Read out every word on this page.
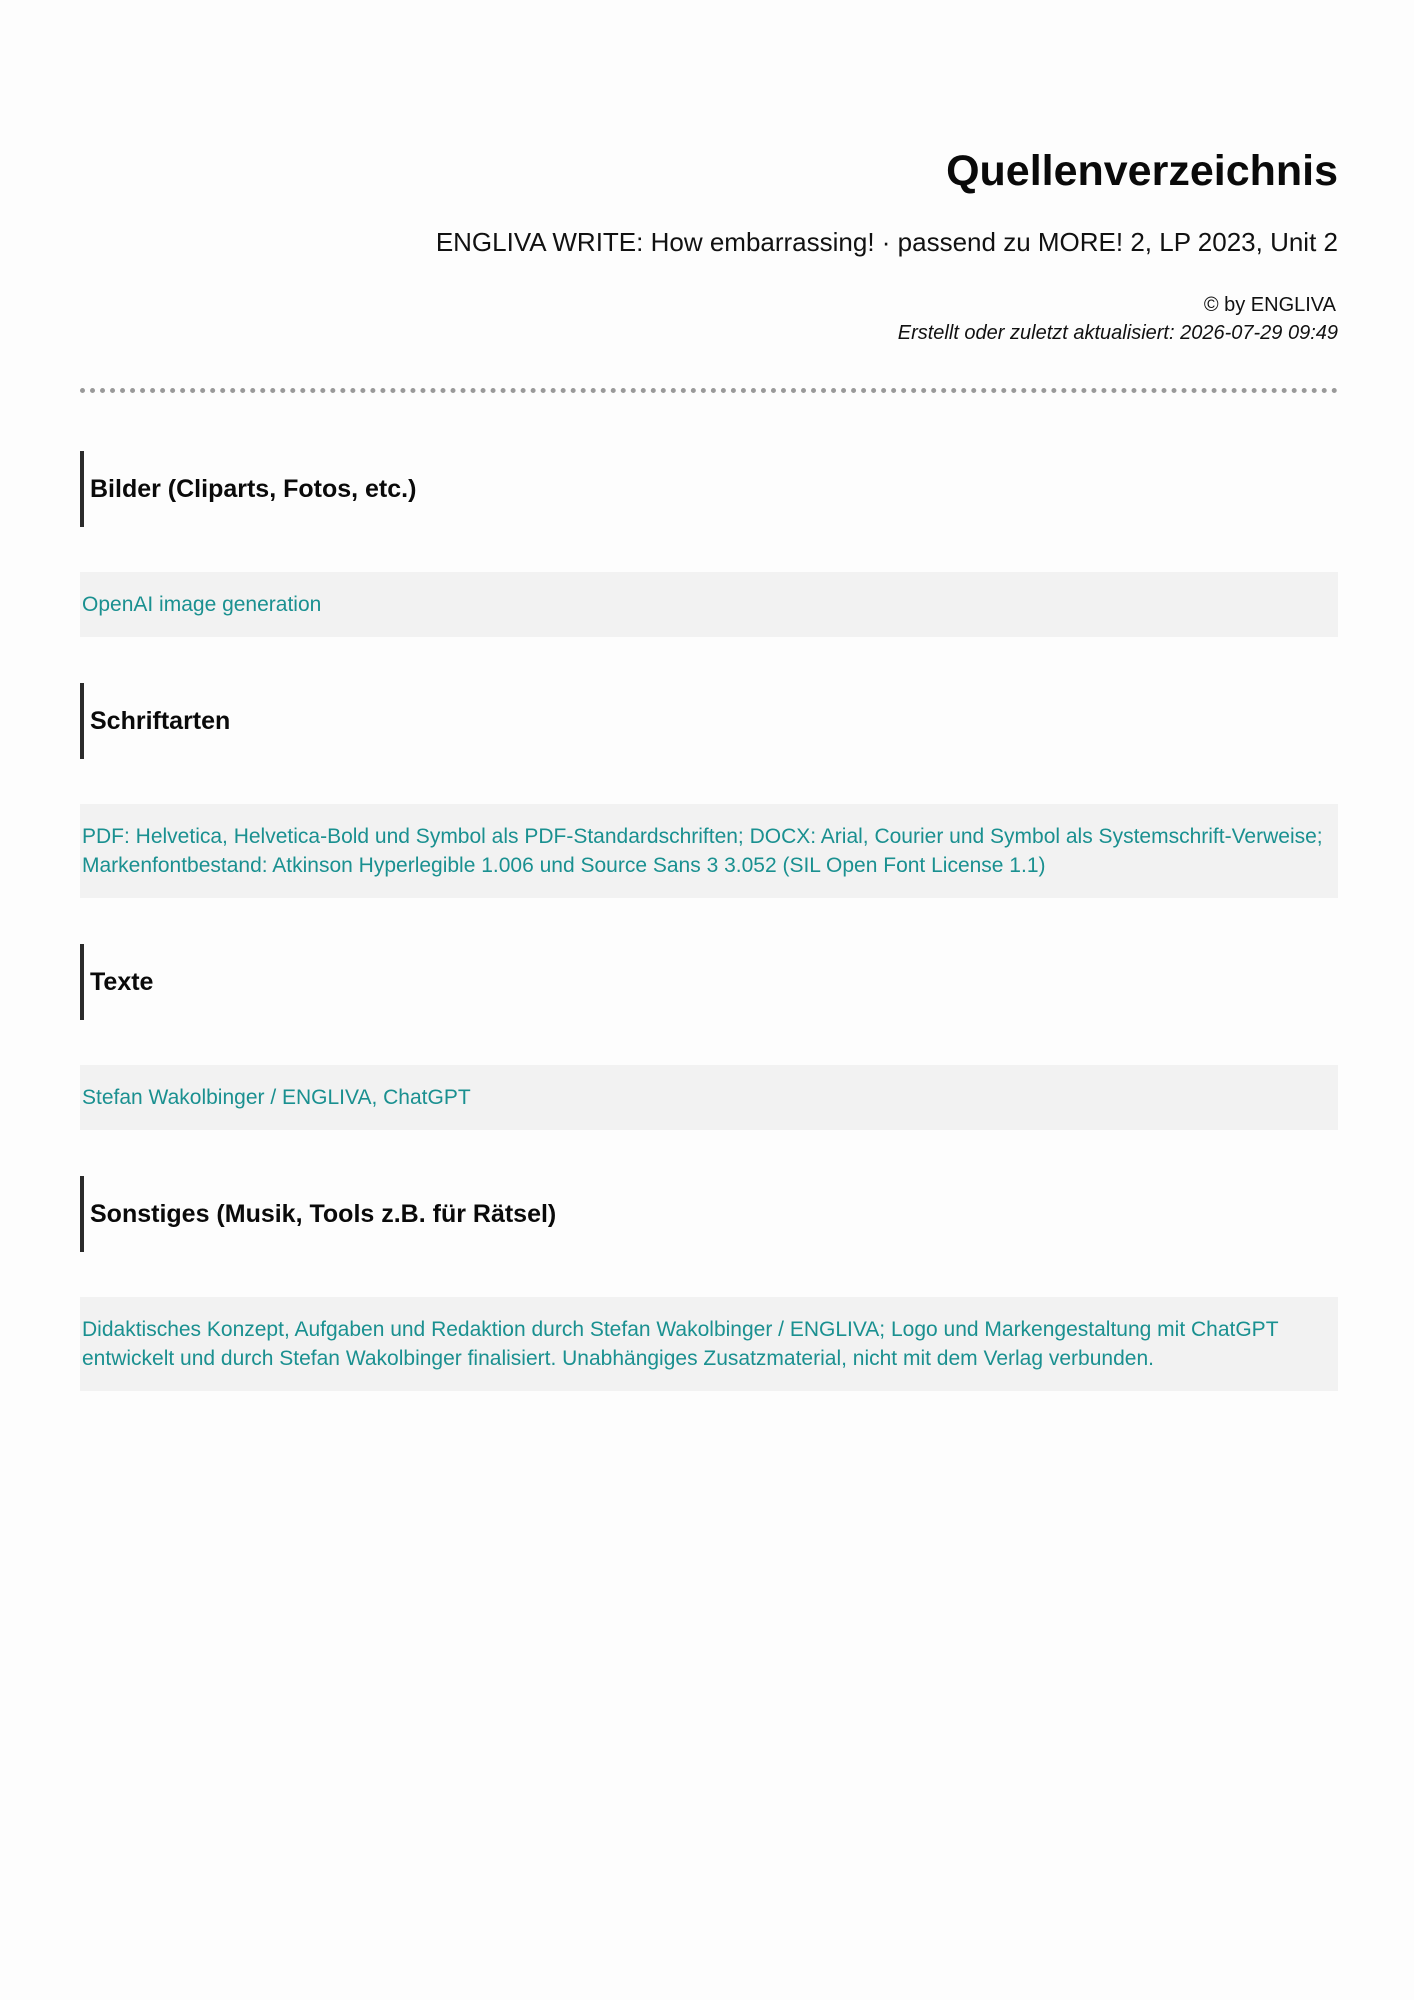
Quellenverzeichnis
ENGLIVA WRITE: How embarrassing! · passend zu MORE! 2, LP 2023, Unit 2
© by ENGLIVA
Erstellt oder zuletzt aktualisiert: 2026-07-29 09:49
Bilder (Cliparts, Fotos, etc.)
OpenAI image generation
Schriftarten
PDF: Helvetica, Helvetica-Bold und Symbol als PDF-Standardschriften; DOCX: Arial, Courier und Symbol als Systemschrift-Verweise; Markenfontbestand: Atkinson Hyperlegible 1.006 und Source Sans 3 3.052 (SIL Open Font License 1.1)
Texte
Stefan Wakolbinger / ENGLIVA, ChatGPT
Sonstiges (Musik, Tools z.B. für Rätsel)
Didaktisches Konzept, Aufgaben und Redaktion durch Stefan Wakolbinger / ENGLIVA; Logo und Markengestaltung mit ChatGPT entwickelt und durch Stefan Wakolbinger finalisiert. Unabhängiges Zusatzmaterial, nicht mit dem Verlag verbunden.
